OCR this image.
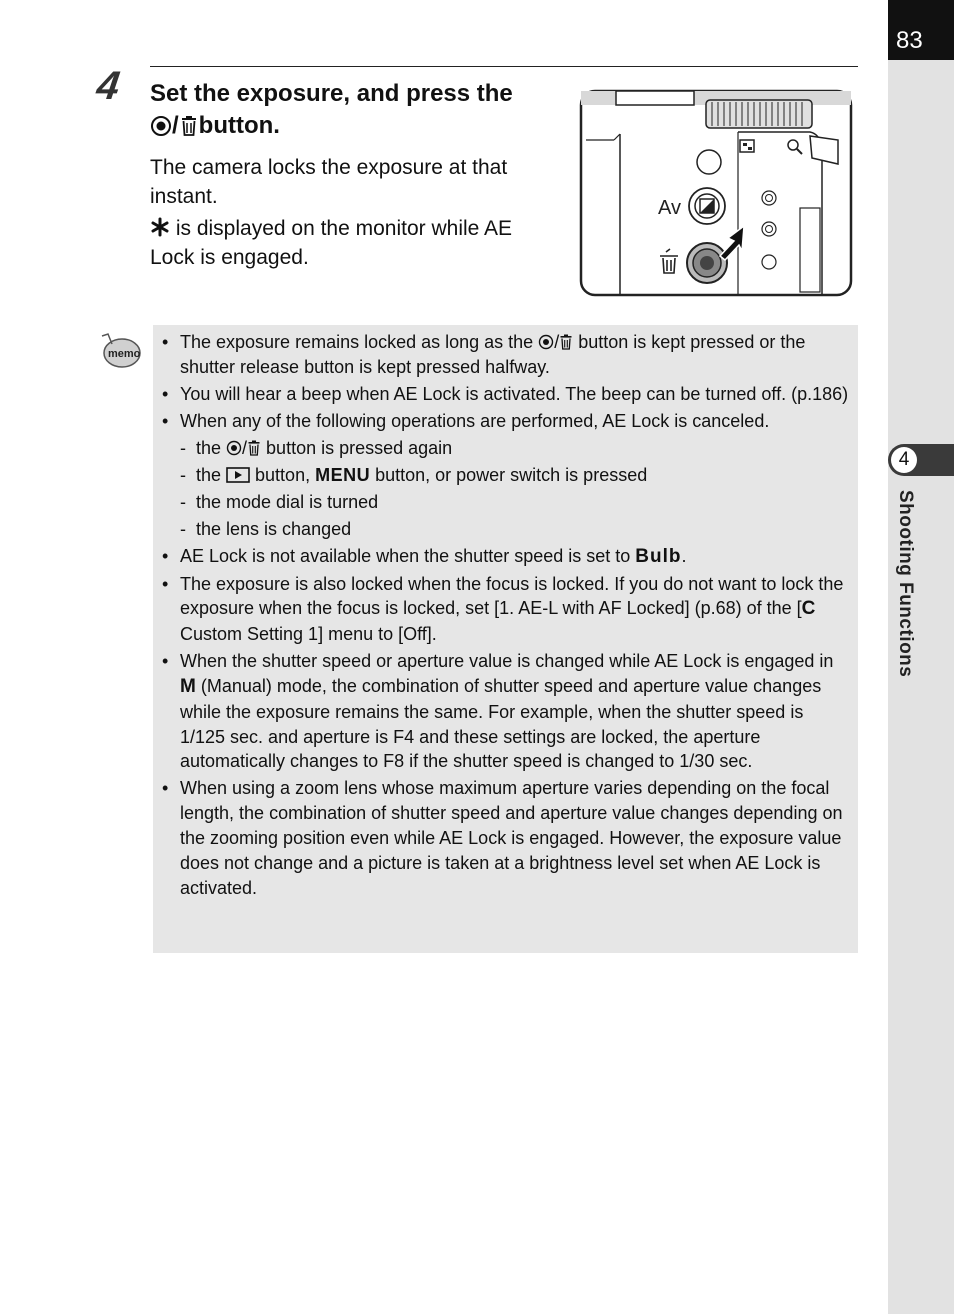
83
4
Shooting Functions
4 Set the exposure, and press the
/ button.
The camera locks the exposure at that instant.
is displayed on the monitor while AE Lock is engaged.
Av
memo
• The exposure remains locked as long as the / button is kept pressed or the shutter release button is kept pressed halfway.
• You will hear a beep when AE Lock is activated. The beep can be turned off. (p.186)
• When any of the following operations are performed, AE Lock is canceled.
- the / button is pressed again
- the  button, MENU button, or power switch is pressed
- the mode dial is turned
- the lens is changed
• AE Lock is not available when the shutter speed is set to Bulb.
• The exposure is also locked when the focus is locked. If you do not want to lock the exposure when the focus is locked, set [1. AE-L with AF Locked] (p.68) of the [C Custom Setting 1] menu to [Off].
• When the shutter speed or aperture value is changed while AE Lock is engaged in M (Manual) mode, the combination of shutter speed and aperture value changes while the exposure remains the same. For example, when the shutter speed is 1/125 sec. and aperture is F4 and these settings are locked, the aperture automatically changes to F8 if the shutter speed is changed to 1/30 sec.
• When using a zoom lens whose maximum aperture varies depending on the focal length, the combination of shutter speed and aperture value changes depending on the zooming position even while AE Lock is engaged. However, the exposure value does not change and a picture is taken at a brightness level set when AE Lock is activated.
